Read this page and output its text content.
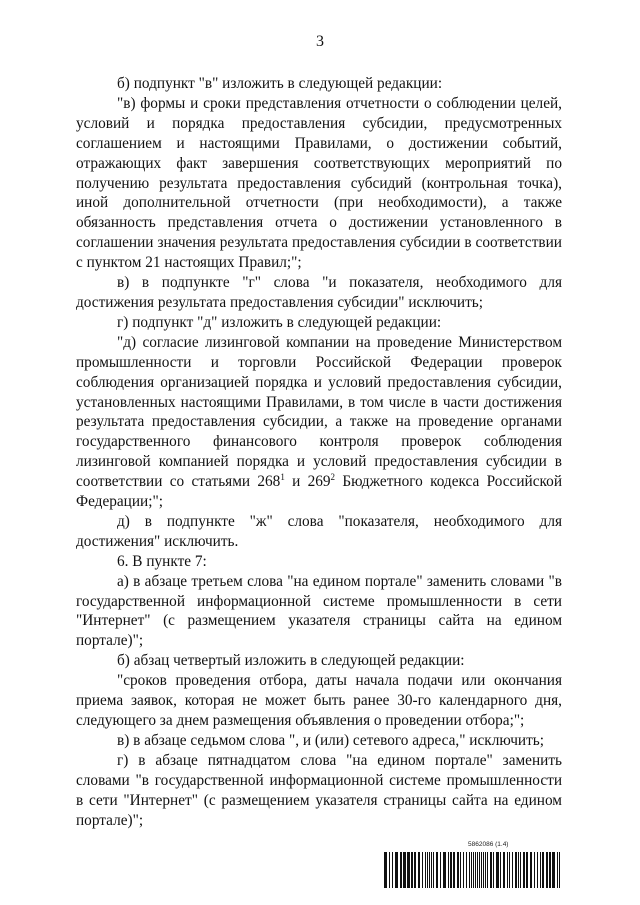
3

б) подпункт "в" изложить в следующей редакции:

"в) формы и сроки представления отчетности о соблюдении целей, условий и порядка предоставления субсидии, предусмотренных соглашением и настоящими Правилами, о достижении событий, отражающих факт завершения соответствующих мероприятий по получению результата предоставления субсидий (контрольная точка), иной дополнительной отчетности (при необходимости), а также обязанность представления отчета о достижении установленного в соглашении значения результата предоставления субсидии в соответствии с пунктом 21 настоящих Правил;";

в) в подпункте "г" слова "и показателя, необходимого для достижения результата предоставления субсидии" исключить;

г) подпункт "д" изложить в следующей редакции:

"д) согласие лизинговой компании на проведение Министерством промышленности и торговли Российской Федерации проверок соблюдения организацией порядка и условий предоставления субсидии, установленных настоящими Правилами, в том числе в части достижения результата предоставления субсидии, а также на проведение органами государственного финансового контроля проверок соблюдения лизинговой компанией порядка и условий предоставления субсидии в соответствии со статьями $268^1$ и $269^2$ Бюджетного кодекса Российской Федерации;";

д) в подпункте "ж" слова "показателя, необходимого для достижения" исключить.

6. В пункте 7:

а) в абзаце третьем слова "на едином портале" заменить словами "в государственной информационной системе промышленности в сети "Интернет" (с размещением указателя страницы сайта на едином портале)";

б) абзац четвертый изложить в следующей редакции:

"сроков проведения отбора, даты начала подачи или окончания приема заявок, которая не может быть ранее 30-го календарного дня, следующего за днем размещения объявления о проведении отбора;";

в) в абзаце седьмом слова ", и (или) сетевого адреса," исключить;

г) в абзаце пятнадцатом слова "на едином портале" заменить словами "в государственной информационной системе промышленности в сети "Интернет" (с размещением указателя страницы сайта на едином портале)";

5862086 (1.4)
